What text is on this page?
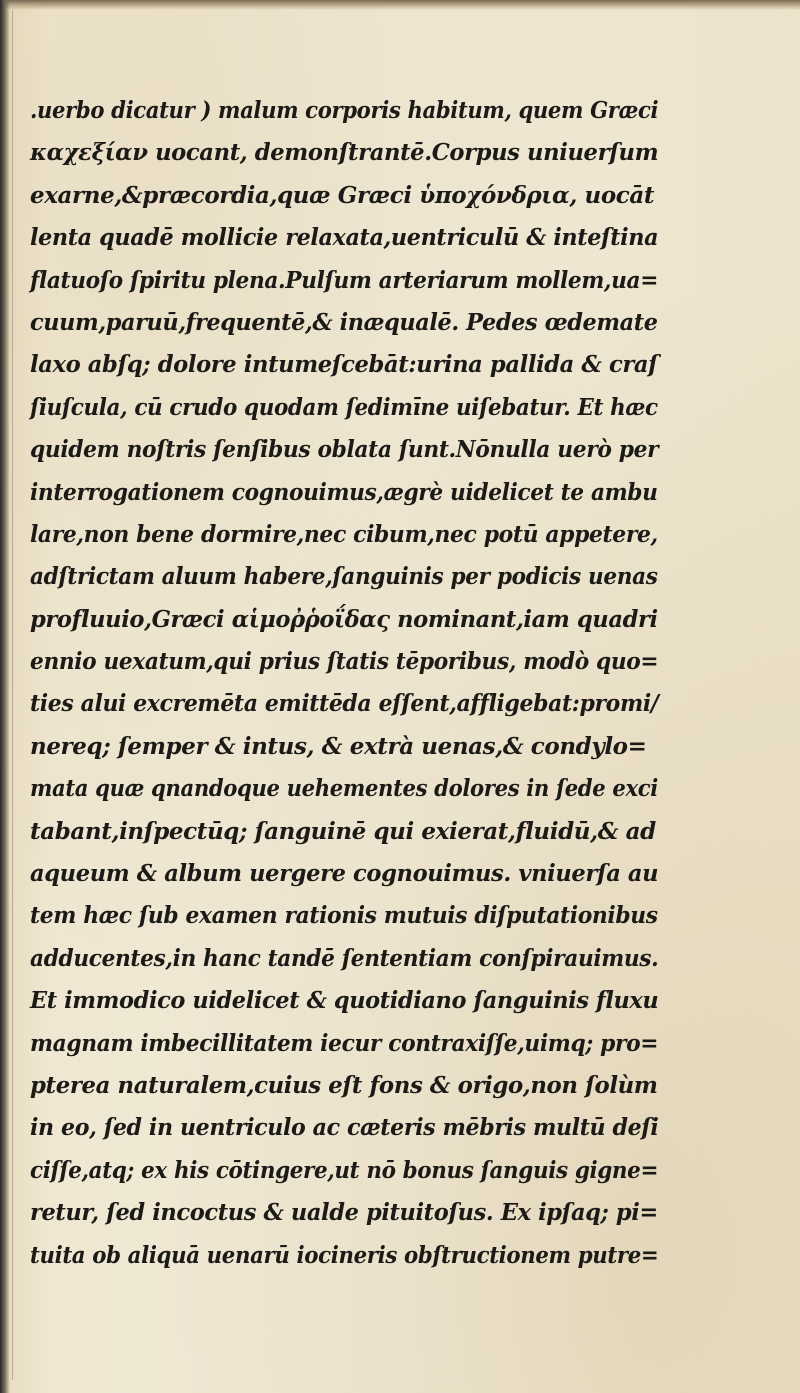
.uerbo dicatur ) malum corporis habitum, quem Græci
καχεξίαν uocant, demonſtrantē.Corpus uniuerſum
exarne,&præcordia,quæ Græci ὑποχόνδρια, uocāt
lenta quadē mollicie relaxata,uentriculū & inteſtina
flatuoſo ſpiritu plena.Pulſum arteriarum mollem,ua=
cuum,paruū,frequentē,& inæqualē. Pedes œdemate
laxo abſq; dolore intumeſcebāt:urina pallida & craſ
ſiuſcula, cū crudo quodam ſedimīne uiſebatur. Et hæc
quidem noſtris ſenſibus oblata ſunt.Nōnulla uerò per
interrogationem cognouimus,ægrè uidelicet te ambu
lare,non bene dormire,nec cibum,nec potū appetere,
adſtrictam aluum habere,ſanguinis per podicis uenas
profluuio,Græci αἱμοῤῥοΐδας nominant,iam quadri
ennio uexatum,qui prius ſtatis tēporibus, modò quo=
ties alui excremēta emittēda eſſent,affligebat:promi/
nereq; ſemper & intus, & extrà uenas,& condylo=
mata quæ qnandoque uehementes dolores in ſede exci
tabant,inſpectūq; ſanguinē qui exierat,fluidū,& ad
aqueum & album uergere cognouimus. vniuerſa au
tem hæc ſub examen rationis mutuis diſputationibus
adducentes,in hanc tandē ſententiam conſpirauimus.
Et immodico uidelicet & quotidiano ſanguinis fluxu
magnam imbecillitatem iecur contraxiſſe,uimq; pro=
pterea naturalem,cuius eſt fons & origo,non ſolùm
in eo, ſed in uentriculo ac cæteris mēbris multū deſi
ciſſe,atq; ex his cōtingere,ut nō bonus ſanguis gigne=
retur, ſed incoctus & ualde pituitoſus. Ex ipſaq; pi=
tuita ob aliquā uenarū iocineris obſtructionem putre=
